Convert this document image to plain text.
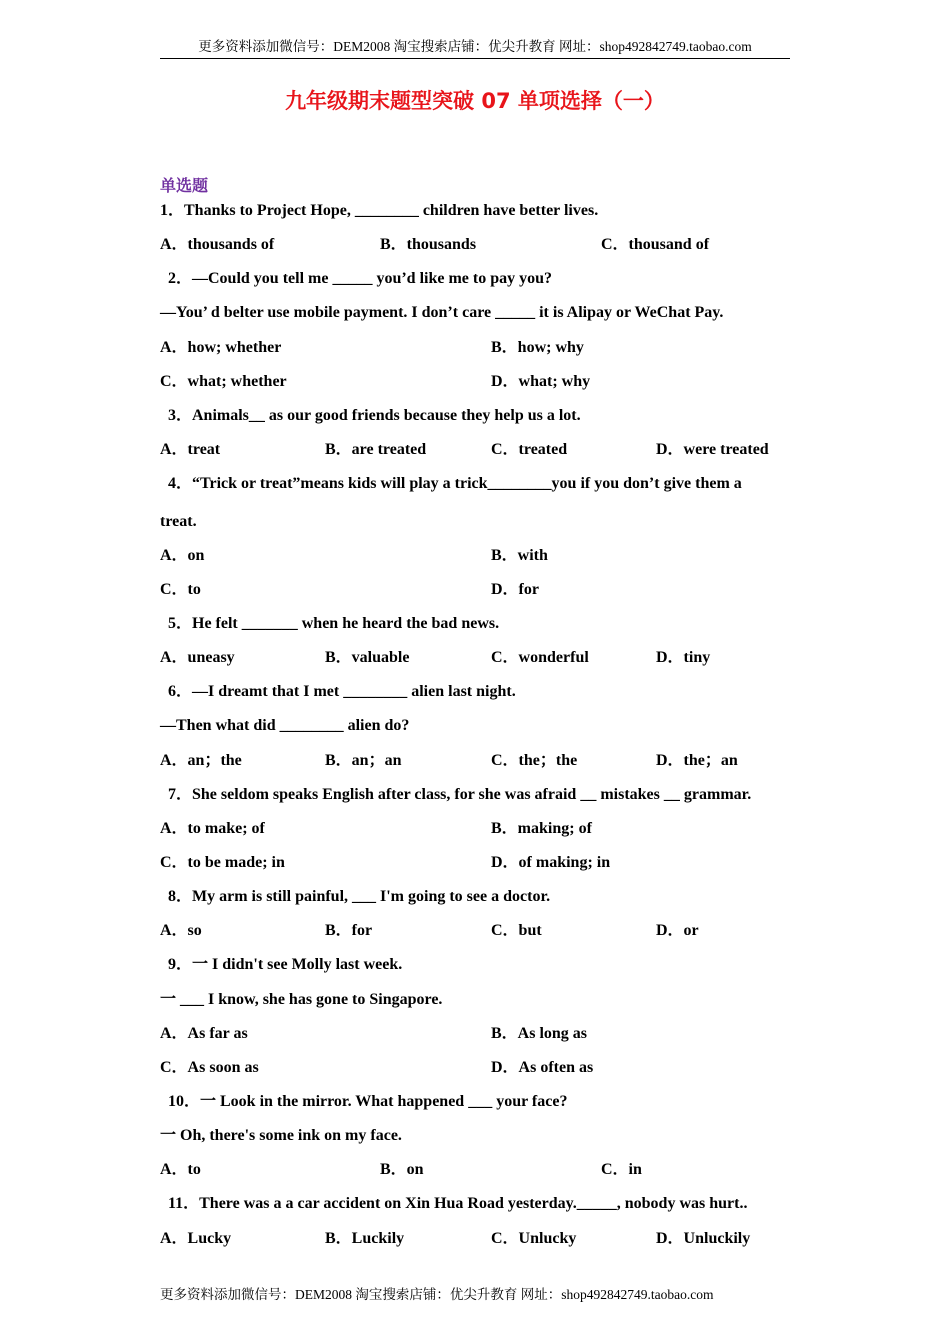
更多资料添加微信号：DEM2008 淘宝搜索店铺：优尖升教育 网址：shop492842749.taobao.com
九年级期末题型突破 07 单项选择（一）
单选题
1．Thanks to Project Hope, ________ children have better lives.
A．thousands of	B．thousands	C．thousand of
2．—Could you tell me _____ you’d like me to pay you?
—You’ d belter use mobile payment. I don’t care _____ it is Alipay or WeChat Pay.
A．how; whether	B．how; why
C．what; whether	D．what; why
3．Animals__ as our good friends because they help us a lot.
A．treat	B．are treated	C．treated	D．were treated
4．“Trick or treat”means kids will play a trick________you if you don’t give them a
treat.
A．on	B．with
C．to	D．for
5．He felt _______ when he heard the bad news.
A．uneasy	B．valuable	C．wonderful	D．tiny
6．—I dreamt that I met ________ alien last night.
—Then what did ________ alien do?
A．an；the	B．an；an	C．the；the	D．the；an
7．She seldom speaks English after class, for she was afraid __ mistakes __ grammar.
A．to make; of	B．making; of
C．to be made; in	D．of making; in
8．My arm is still painful, ___ I'm going to see a doctor.
A．so	B．for	C．but	D．or
9．一 I didn't see Molly last week.
一 ___ I know, she has gone to Singapore.
A．As far as	B．As long as
C．As soon as	D．As often as
10．一 Look in the mirror. What happened ___ your face?
一 Oh, there's some ink on my face.
A．to	B．on	C．in
11．There was a a car accident on Xin Hua Road yesterday._____, nobody was hurt..
A．Lucky	B．Luckily	C．Unlucky	D．Unluckily
更多资料添加微信号：DEM2008 淘宝搜索店铺：优尖升教育 网址：shop492842749.taobao.com
